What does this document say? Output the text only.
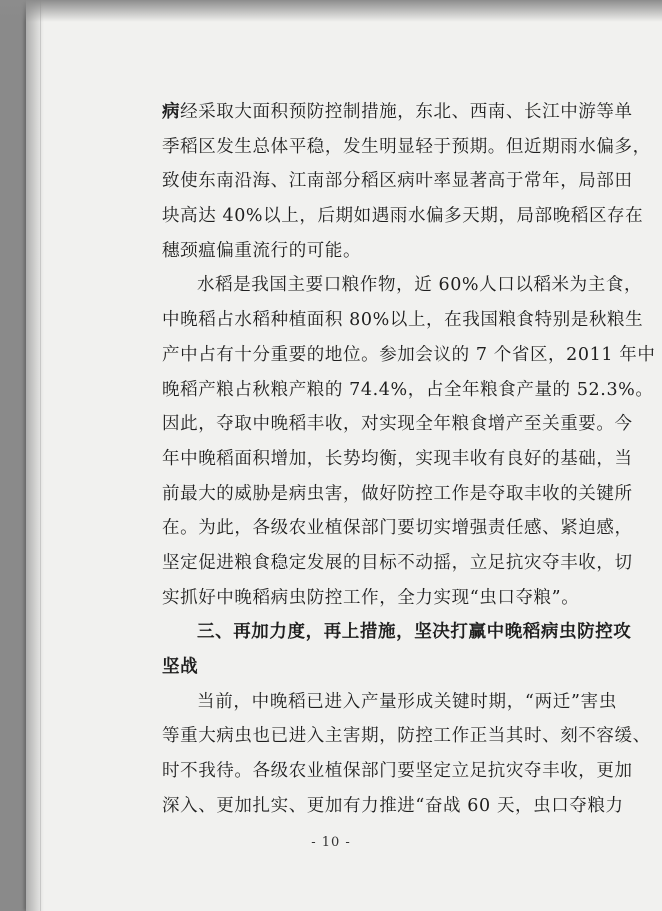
病经采取大面积预防控制措施，东北、西南、长江中游等单
季稻区发生总体平稳，发生明显轻于预期。但近期雨水偏多，
致使东南沿海、江南部分稻区病叶率显著高于常年，局部田
块高达 40%以上，后期如遇雨水偏多天期，局部晚稻区存在
穗颈瘟偏重流行的可能。
水稻是我国主要口粮作物，近 60%人口以稻米为主食，
中晚稻占水稻种植面积 80%以上，在我国粮食特别是秋粮生
产中占有十分重要的地位。参加会议的 7 个省区，2011 年中
晚稻产粮占秋粮产粮的 74.4%，占全年粮食产量的 52.3%。
因此，夺取中晚稻丰收，对实现全年粮食增产至关重要。今
年中晚稻面积增加，长势均衡，实现丰收有良好的基础，当
前最大的威胁是病虫害，做好防控工作是夺取丰收的关键所
在。为此，各级农业植保部门要切实增强责任感、紧迫感，
坚定促进粮食稳定发展的目标不动摇，立足抗灾夺丰收，切
实抓好中晚稻病虫防控工作，全力实现“虫口夺粮”。
三、再加力度，再上措施，坚决打赢中晚稻病虫防控攻
坚战
当前，中晚稻已进入产量形成关键时期，“两迁”害虫
等重大病虫也已进入主害期，防控工作正当其时、刻不容缓、
时不我待。各级农业植保部门要坚定立足抗灾夺丰收，更加
深入、更加扎实、更加有力推进“奋战 60 天，虫口夺粮力
- 10 -
